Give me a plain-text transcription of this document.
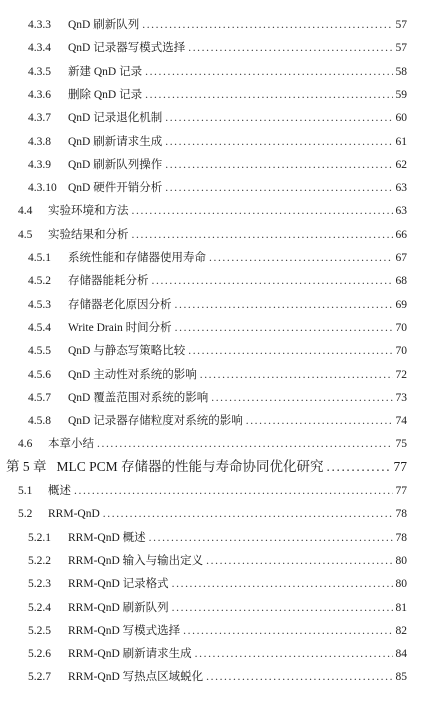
4.3.3	QnD 刷新队列 .....	57
4.3.4	QnD 记录器写模式选择 .....	57
4.3.5	新建 QnD 记录 .....	58
4.3.6	删除 QnD 记录 .....	59
4.3.7	QnD 记录退化机制 .....	60
4.3.8	QnD 刷新请求生成 .....	61
4.3.9	QnD 刷新队列操作 .....	62
4.3.10 QnD 硬件开销分析 .....	63
4.4	实验环境和方法 .....	63
4.5	实验结果和分析 .....	66
4.5.1	系统性能和存储器使用寿命 .....	67
4.5.2	存储器能耗分析 .....	68
4.5.3	存储器老化原因分析 .....	69
4.5.4	Write Drain 时间分析 .....	70
4.5.5	QnD 与静态写策略比较 .....	70
4.5.6	QnD 主动性对系统的影响 .....	72
4.5.7	QnD 覆盖范围对系统的影响 .....	73
4.5.8	QnD 记录器存储粒度对系统的影响 .....	74
4.6	本章小结 .....	75
第 5 章 MLC PCM 存储器的性能与寿命协同优化研究 .....	77
5.1	概述 .....	77
5.2	RRM-QnD .....	78
5.2.1	RRM-QnD 概述 .....	78
5.2.2	RRM-QnD 输入与输出定义 .....	80
5.2.3	RRM-QnD 记录格式 .....	80
5.2.4	RRM-QnD 刷新队列 .....	81
5.2.5	RRM-QnD 写模式选择 .....	82
5.2.6	RRM-QnD 刷新请求生成 .....	84
5.2.7	RRM-QnD 写热点区域蜕化 .....	85
